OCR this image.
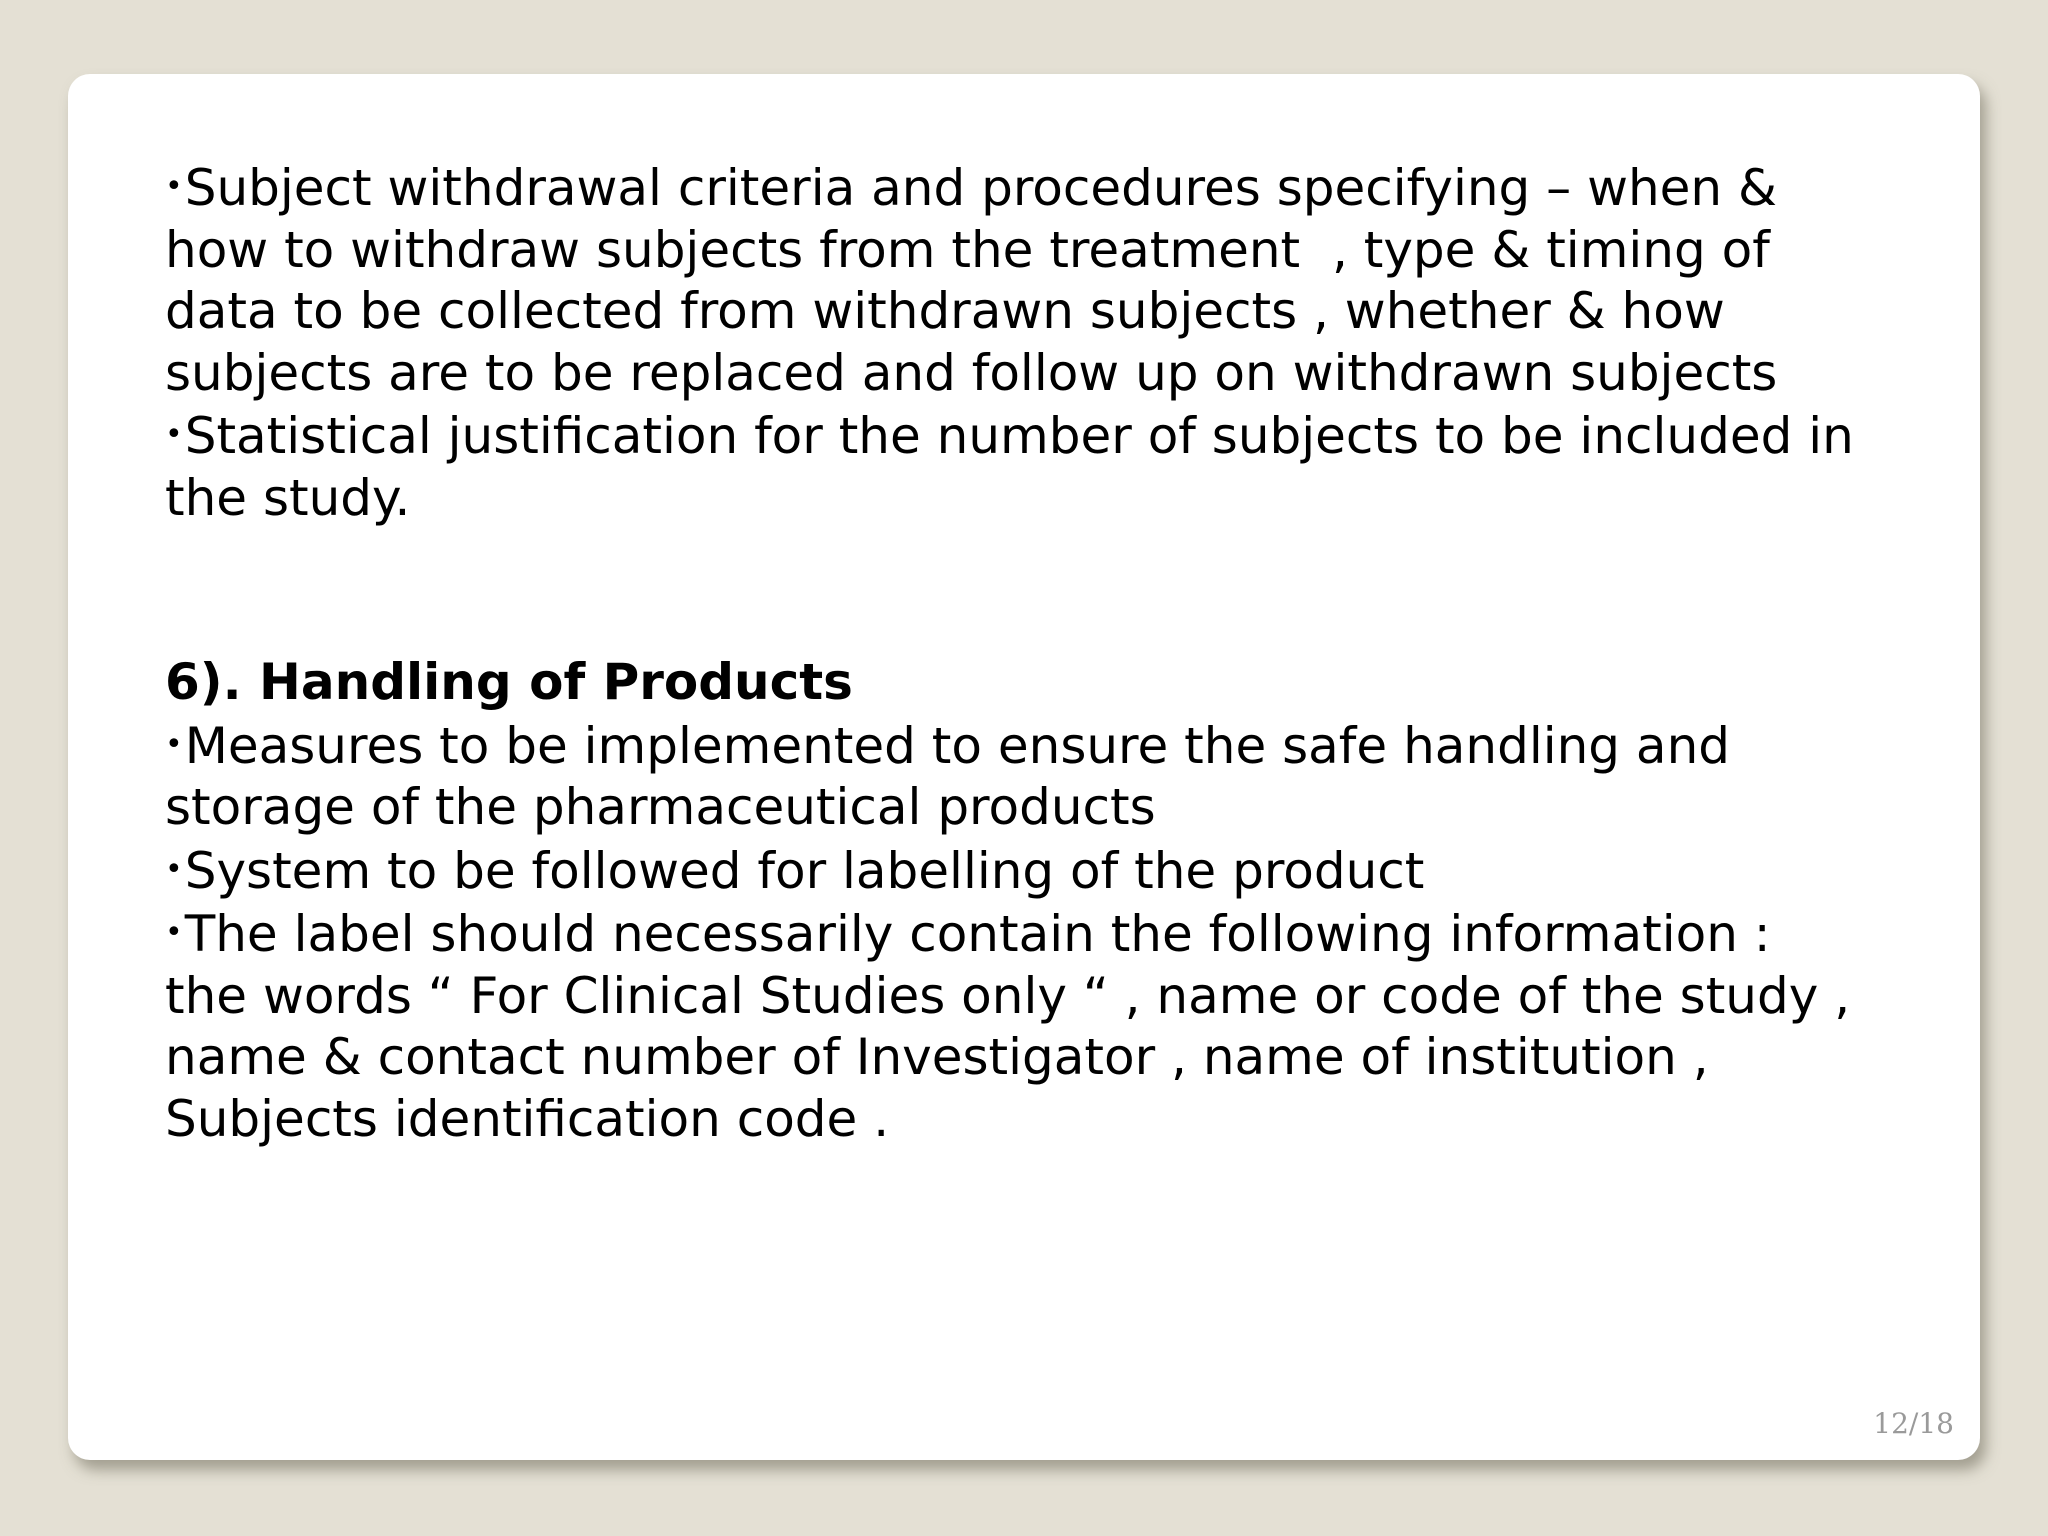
•Subject withdrawal criteria and procedures specifying – when &
how to withdraw subjects from the treatment  , type & timing of
data to be collected from withdrawn subjects , whether & how
subjects are to be replaced and follow up on withdrawn subjects

•Statistical justification for the number of subjects to be included in
the study.

6). Handling of Products

•Measures to be implemented to ensure the safe handling and
storage of the pharmaceutical products

•System to be followed for labelling of the product

•The label should necessarily contain the following information :
the words “ For Clinical Studies only “ , name or code of the study ,
name & contact number of Investigator , name of institution ,
Subjects identification code .

12/18
